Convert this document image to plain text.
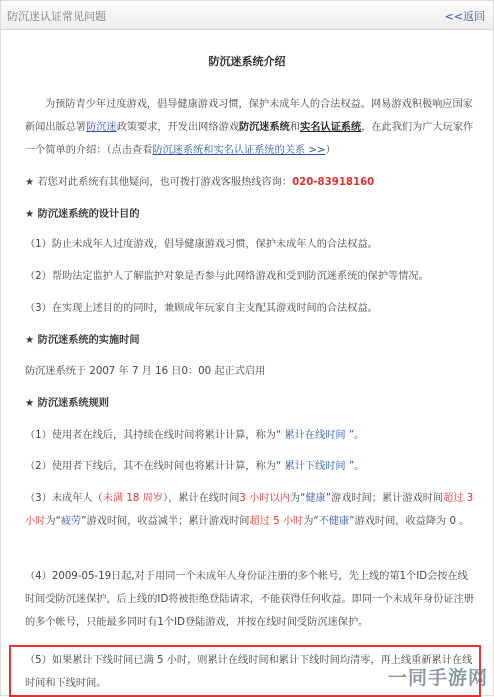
防沉迷认证常见问题	<<返回
防沉迷系统介绍
为预防青少年过度游戏，倡导健康游戏习惯，保护未成年人的合法权益。网易游戏积极响应国家新闻出版总署防沉迷政策要求，开发出网络游戏防沉迷系统和实名认证系统，在此我们为广大玩家作一个简单的介绍：（点击查看防沉迷系统和实名认证系统的关系 >>）
★ 若您对此系统有其他疑问，也可拨打游戏客服热线咨询：020-83918160
★ 防沉迷系统的设计目的
（1）防止未成年人过度游戏，倡导健康游戏习惯，保护未成年人的合法权益。
（2）帮助法定监护人了解监护对象是否参与此网络游戏和受到防沉迷系统的保护等情况。
（3）在实现上述目的的同时，兼顾成年玩家自主支配其游戏时间的合法权益。
★ 防沉迷系统的实施时间
防沉迷系统于 2007 年 7 月 16 日0：00 起正式启用
★ 防沉迷系统规则
（1）使用者在线后，其持续在线时间将累计计算，称为“ 累计在线时间 ”。
（2）使用者下线后，其不在线时间也将累计计算，称为“ 累计下线时间 ”。
（3）未成年人（未满 18 周岁），累计在线时间3 小时以内为“健康”游戏时间；累计游戏时间超过 3 小时为“疲劳”游戏时间，收益减半；累计游戏时间超过 5 小时为“不健康”游戏时间，收益降为 0 。
（4）2009-05-19日起,对于用同一个未成年人身份证注册的多个帐号，先上线的第1个ID会按在线时间受防沉迷保护，后上线的ID将被拒绝登陆请求，不能获得任何收益。即同一个未成年身份证注册的多个帐号，只能最多同时有1个ID登陆游戏，并按在线时间受防沉迷保护。
（5）如果累计下线时间已满 5 小时，则累计在线时间和累计下线时间均清零，再上线重新累计在线时间和下线时间。	一同手游网
